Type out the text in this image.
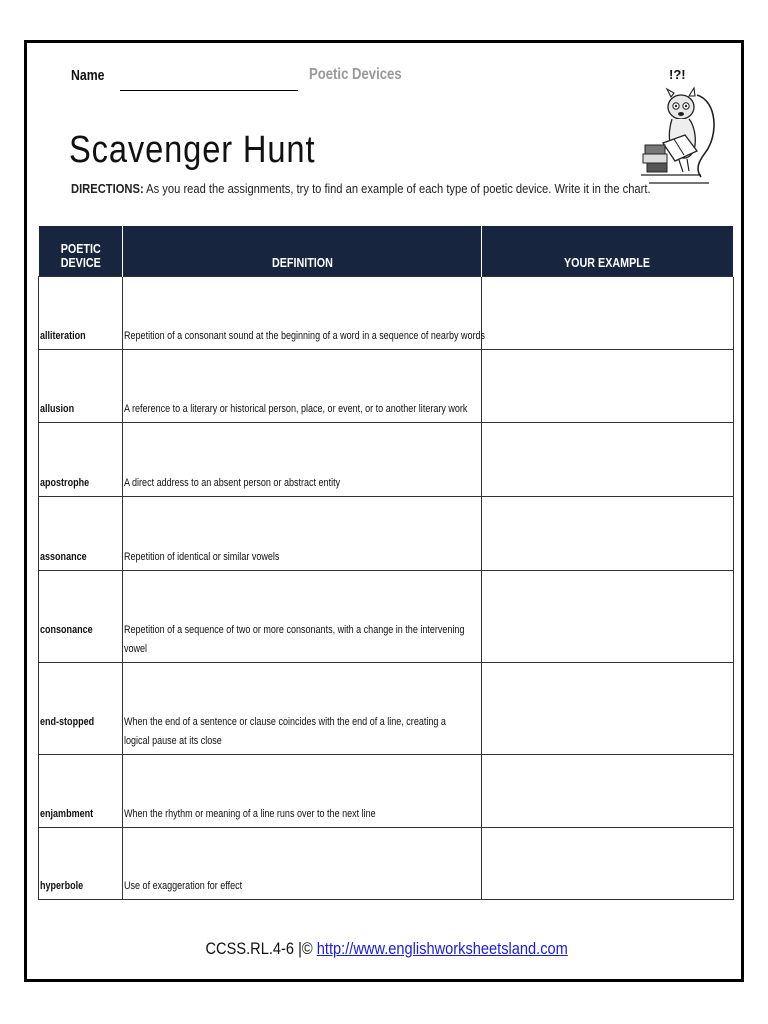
Name	Poetic Devices
Scavenger Hunt
DIRECTIONS: As you read the assignments, try to find an example of each type of poetic device. Write it in the chart.
!?!
POETIC DEVICE	DEFINITION	YOUR EXAMPLE
alliteration	Repetition of a consonant sound at the beginning of a word in a sequence of nearby words	
allusion	A reference to a literary or historical person, place, or event, or to another literary work	
apostrophe	A direct address to an absent person or abstract entity	
assonance	Repetition of identical or similar vowels	
consonance	Repetition of a sequence of two or more consonants, with a change in the intervening vowel	
end-stopped	When the end of a sentence or clause coincides with the end of a line, creating a logical pause at its close	
enjambment	When the rhythm or meaning of a line runs over to the next line	
hyperbole	Use of exaggeration for effect	
CCSS.RL.4-6 |© http://www.englishworksheetsland.com
